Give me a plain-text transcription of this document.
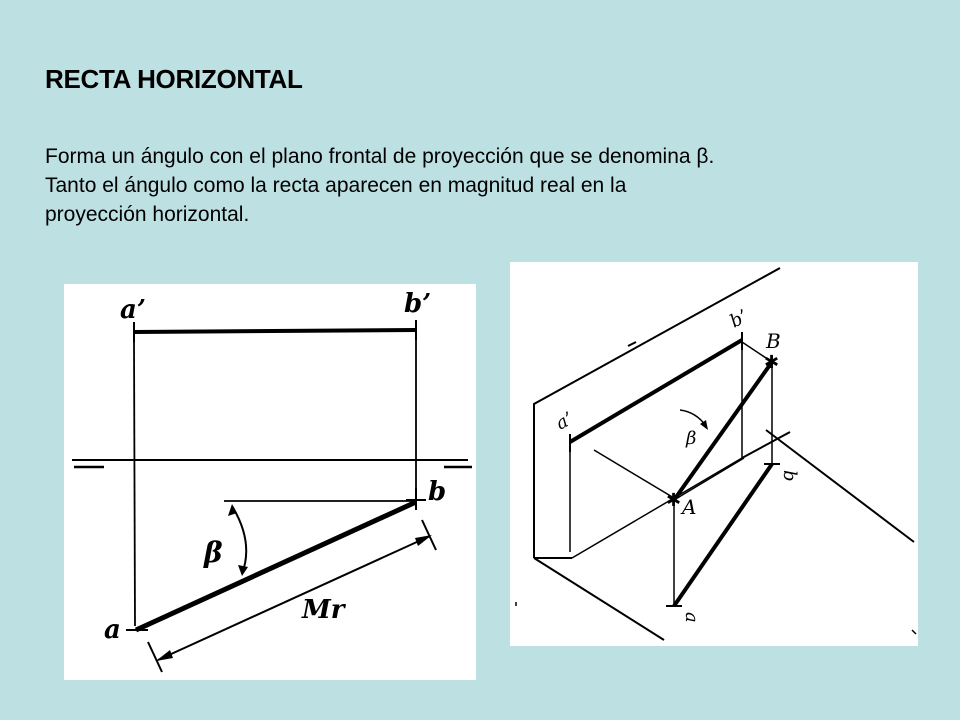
RECTA HORIZONTAL
Forma un ángulo con el plano frontal de proyección que se denomina β.
Tanto el ángulo como la recta aparecen en magnitud real en la
proyección horizontal.
a’	b’
b
a
β
Mr
✱
✱
a’
b’
B
β
b
A
a
